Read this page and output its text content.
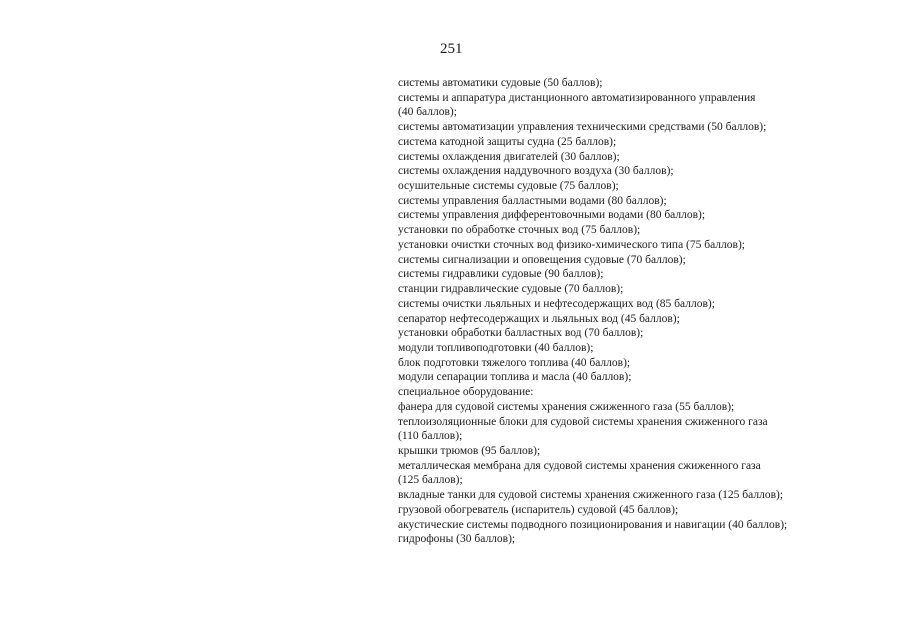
251
системы автоматики судовые (50 баллов);
системы и аппаратура дистанционного автоматизированного управления
(40 баллов);
системы автоматизации управления техническими средствами (50 баллов);
система катодной защиты судна (25 баллов);
системы охлаждения двигателей (30 баллов);
системы охлаждения наддувочного воздуха (30 баллов);
осушительные системы судовые (75 баллов);
системы управления балластными водами (80 баллов);
системы управления дифферентовочными водами (80 баллов);
установки по обработке сточных вод (75 баллов);
установки очистки сточных вод физико-химического типа (75 баллов);
системы сигнализации и оповещения судовые (70 баллов);
системы гидравлики судовые (90 баллов);
станции гидравлические судовые (70 баллов);
системы очистки льяльных и нефтесодержащих вод (85 баллов);
сепаратор нефтесодержащих и льяльных вод (45 баллов);
установки обработки балластных вод (70 баллов);
модули топливоподготовки (40 баллов);
блок подготовки тяжелого топлива (40 баллов);
модули сепарации топлива и масла (40 баллов);
специальное оборудование:
фанера для судовой системы хранения сжиженного газа (55 баллов);
теплоизоляционные блоки для судовой системы хранения сжиженного газа
(110 баллов);
крышки трюмов (95 баллов);
металлическая мембрана для судовой системы хранения сжиженного газа
(125 баллов);
вкладные танки для судовой системы хранения сжиженного газа (125 баллов);
грузовой обогреватель (испаритель) судовой (45 баллов);
акустические системы подводного позиционирования и навигации (40 баллов);
гидрофоны (30 баллов);
